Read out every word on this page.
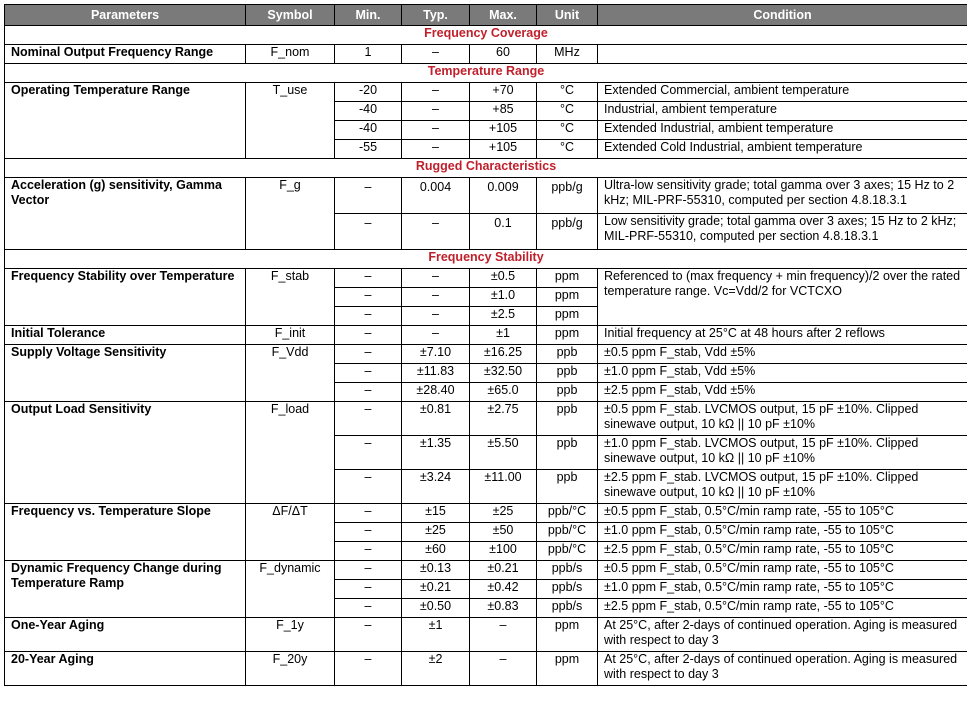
Parameters	Symbol	Min.	Typ.	Max.	Unit	Condition
Frequency Coverage						
Nominal Output Frequency Range	F_nom	1	–	60	MHz	
Temperature Range						
Operating Temperature Range	T_use	-20	–	+70	°C	Extended Commercial, ambient temperature
		-40	–	+85	°C	Industrial, ambient temperature
		-40	–	+105	°C	Extended Industrial, ambient temperature
		-55	–	+105	°C	Extended Cold Industrial, ambient temperature
Rugged Characteristics						
Acceleration (g) sensitivity, Gamma Vector	F_g	–	0.004	0.009	ppb/g	Ultra-low sensitivity grade; total gamma over 3 axes; 15 Hz to 2 kHz; MIL-PRF-55310, computed per section 4.8.18.3.1
		–	–	0.1	ppb/g	Low sensitivity grade; total gamma over 3 axes; 15 Hz to 2 kHz; MIL-PRF-55310, computed per section 4.8.18.3.1
Frequency Stability						
Frequency Stability over Temperature	F_stab	–	–	±0.5	ppm	Referenced to (max frequency + min frequency)/2 over the rated temperature range. Vc=Vdd/2 for VCTCXO
		–	–	±1.0	ppm	
		–	–	±2.5	ppm	
Initial Tolerance	F_init	–	–	±1	ppm	Initial frequency at 25°C at 48 hours after 2 reflows
Supply Voltage Sensitivity	F_Vdd	–	±7.10	±16.25	ppb	±0.5 ppm F_stab, Vdd ±5%
		–	±11.83	±32.50	ppb	±1.0 ppm F_stab, Vdd ±5%
		–	±28.40	±65.0	ppb	±2.5 ppm F_stab, Vdd ±5%
Output Load Sensitivity	F_load	–	±0.81	±2.75	ppb	±0.5 ppm F_stab. LVCMOS output, 15 pF ±10%. Clipped sinewave output, 10 kΩ || 10 pF ±10%
		–	±1.35	±5.50	ppb	±1.0 ppm F_stab. LVCMOS output, 15 pF ±10%. Clipped sinewave output, 10 kΩ || 10 pF ±10%
		–	±3.24	±11.00	ppb	±2.5 ppm F_stab. LVCMOS output, 15 pF ±10%. Clipped sinewave output, 10 kΩ || 10 pF ±10%
Frequency vs. Temperature Slope	ΔF/ΔT	–	±15	±25	ppb/°C	±0.5 ppm F_stab, 0.5°C/min ramp rate, -55 to 105°C
		–	±25	±50	ppb/°C	±1.0 ppm F_stab, 0.5°C/min ramp rate, -55 to 105°C
		–	±60	±100	ppb/°C	±2.5 ppm F_stab, 0.5°C/min ramp rate, -55 to 105°C
Dynamic Frequency Change during Temperature Ramp	F_dynamic	–	±0.13	±0.21	ppb/s	±0.5 ppm F_stab, 0.5°C/min ramp rate, -55 to 105°C
		–	±0.21	±0.42	ppb/s	±1.0 ppm F_stab, 0.5°C/min ramp rate, -55 to 105°C
		–	±0.50	±0.83	ppb/s	±2.5 ppm F_stab, 0.5°C/min ramp rate, -55 to 105°C
One-Year Aging	F_1y	–	±1	–	ppm	At 25°C, after 2-days of continued operation. Aging is measured with respect to day 3
20-Year Aging	F_20y	–	±2	–	ppm	At 25°C, after 2-days of continued operation. Aging is measured with respect to day 3
